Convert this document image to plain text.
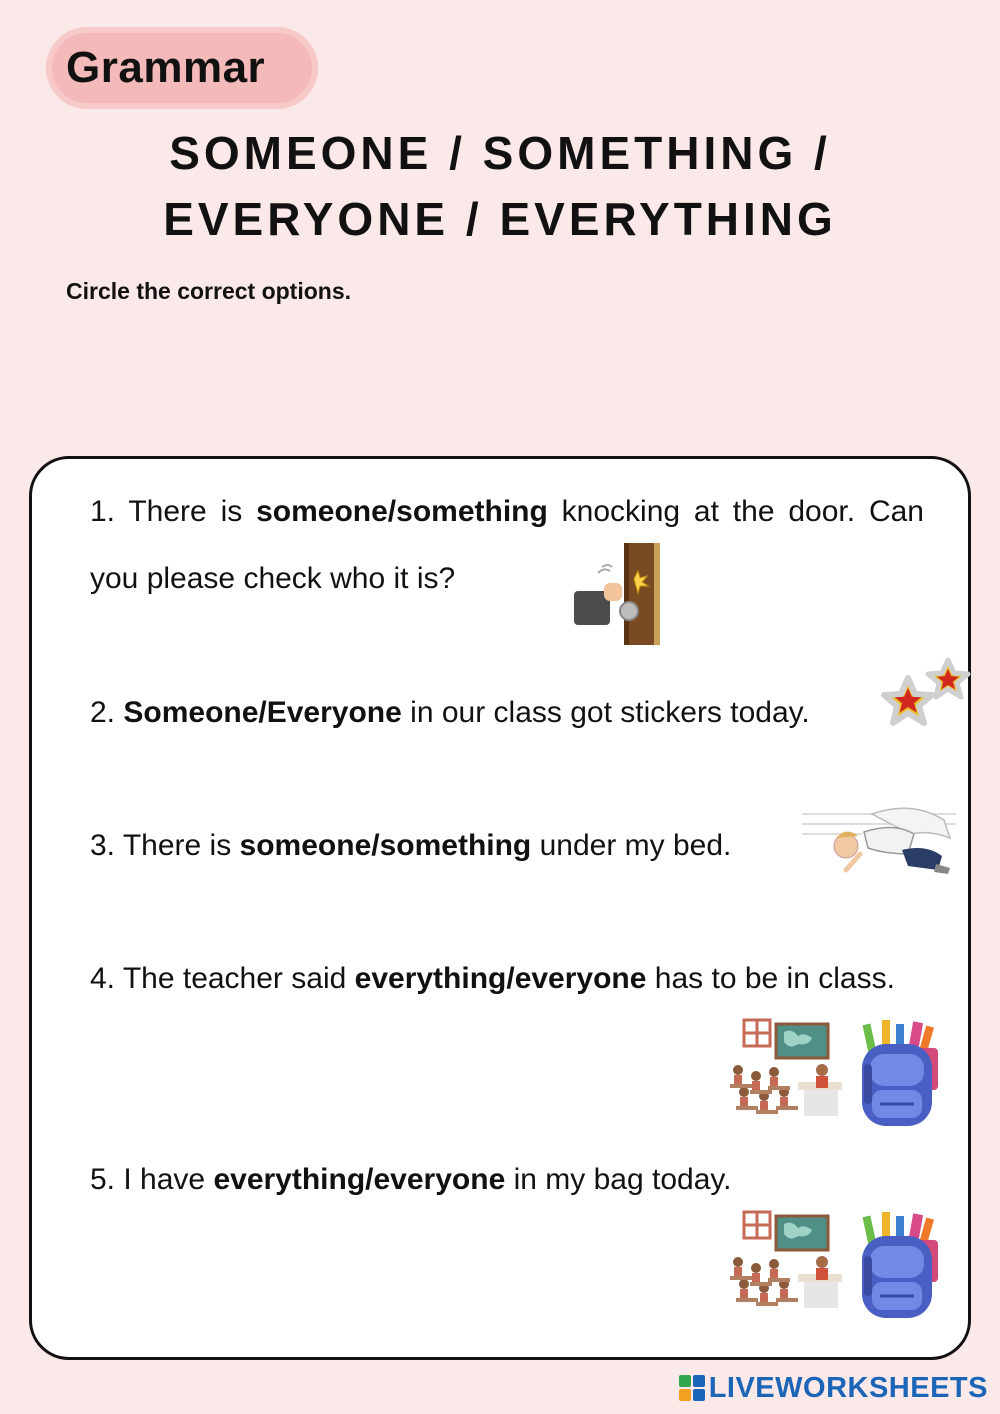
Grammar
SOMEONE / SOMETHING /
EVERYONE / EVERYTHING
Circle the correct options.
1. There is someone/something knocking at the door. Can you please check who it is?
2. Someone/Everyone in our class got stickers today.
3. There is someone/something under my bed.
4. The teacher said everything/everyone has to be in class.
5. I have everything/everyone in my bag today.
LIVEWORKSHEETS
